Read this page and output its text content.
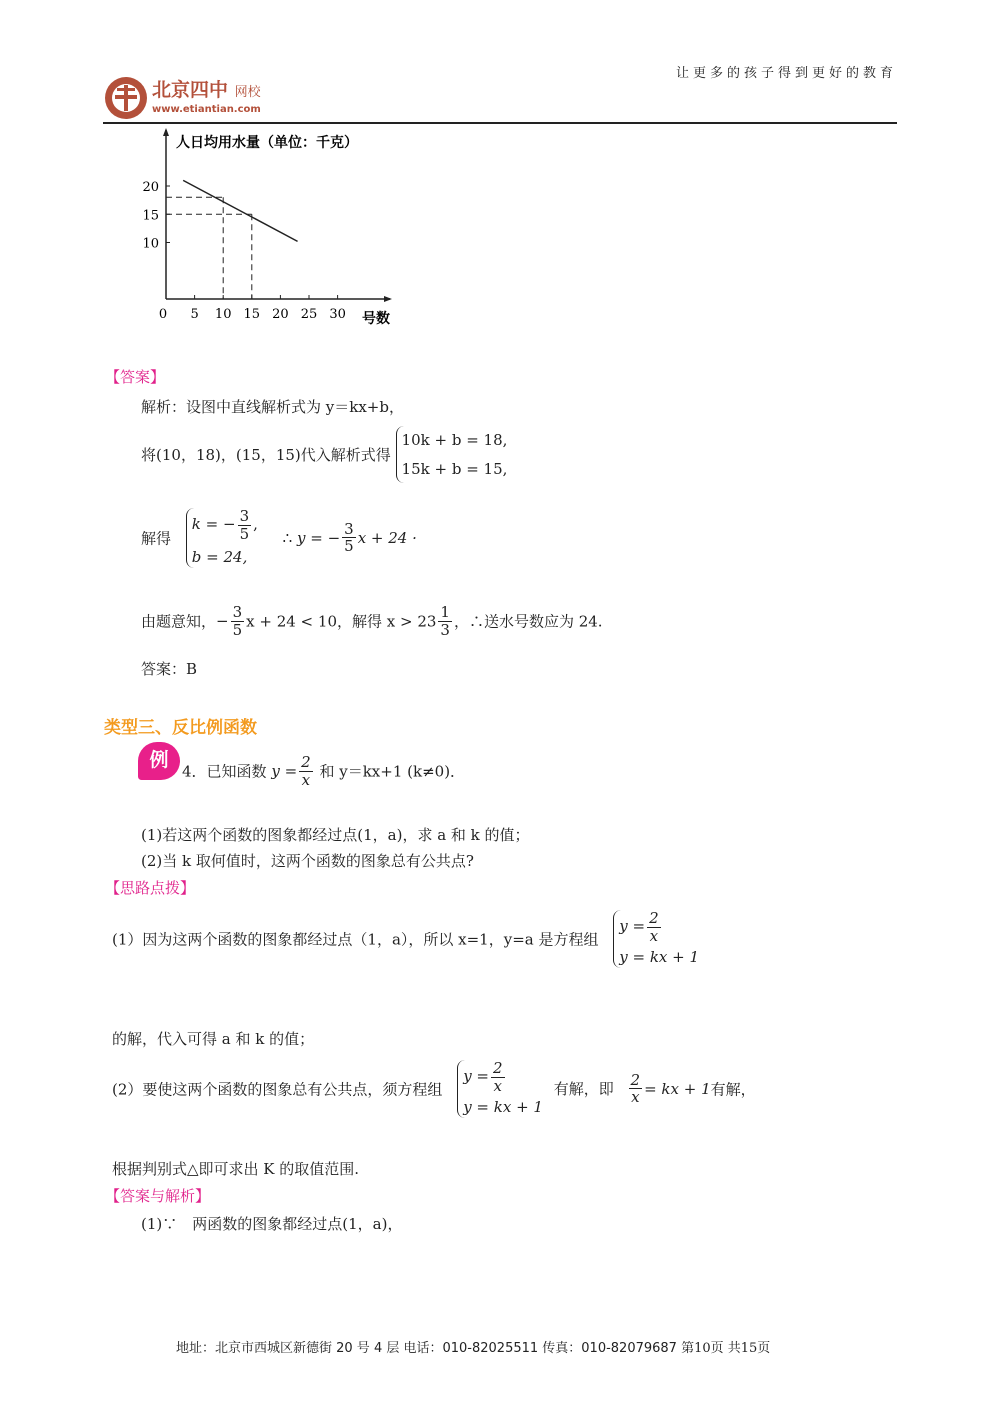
让更多的孩子得到更好的教育
北京四中 网校
www.etiantian.com
人日均用水量（单位：千克）
号数
0 5 10 15 20 25 30
10
15
20
【答案】
解析：设图中直线解析式为 y＝kx+b，
将(10，18)，(15，15)代入解析式得
10k + b = 18,
15k + b = 15,
解得
k = − $\frac{3}{5}$ ,
b = 24,
∴ y = − $\frac{3}{5}$ x + 24 ·
由题意知，− $\frac{3}{5}$ x + 24 < 10，解得 $x > 23 \frac{1}{3}$ ，∴送水号数应为 24.
答案：B
类型三、反比例函数
例
4．已知函数 $y = \frac{2}{x}$ 和 y＝kx+1 (k≠0)．
(1)若这两个函数的图象都经过点(1，a)，求 a 和 k 的值；
(2)当 k 取何值时，这两个函数的图象总有公共点?
【思路点拨】
(1）因为这两个函数的图象都经过点（1，a），所以 x=1，y=a 是方程组
$y = \frac{2}{x}$
y = kx + 1
的解，代入可得 a 和 k 的值；
(2）要使这两个函数的图象总有公共点，须方程组
$y = \frac{2}{x}$
y = kx + 1
有解，即 $\frac{2}{x}$ = kx + 1有解，
根据判别式△即可求出 K 的取值范围.
【答案与解析】
(1)∵　两函数的图象都经过点(1，a)，
地址：北京市西城区新德街 20 号 4 层 电话：010-82025511 传真：010-82079687 第10页 共15页
